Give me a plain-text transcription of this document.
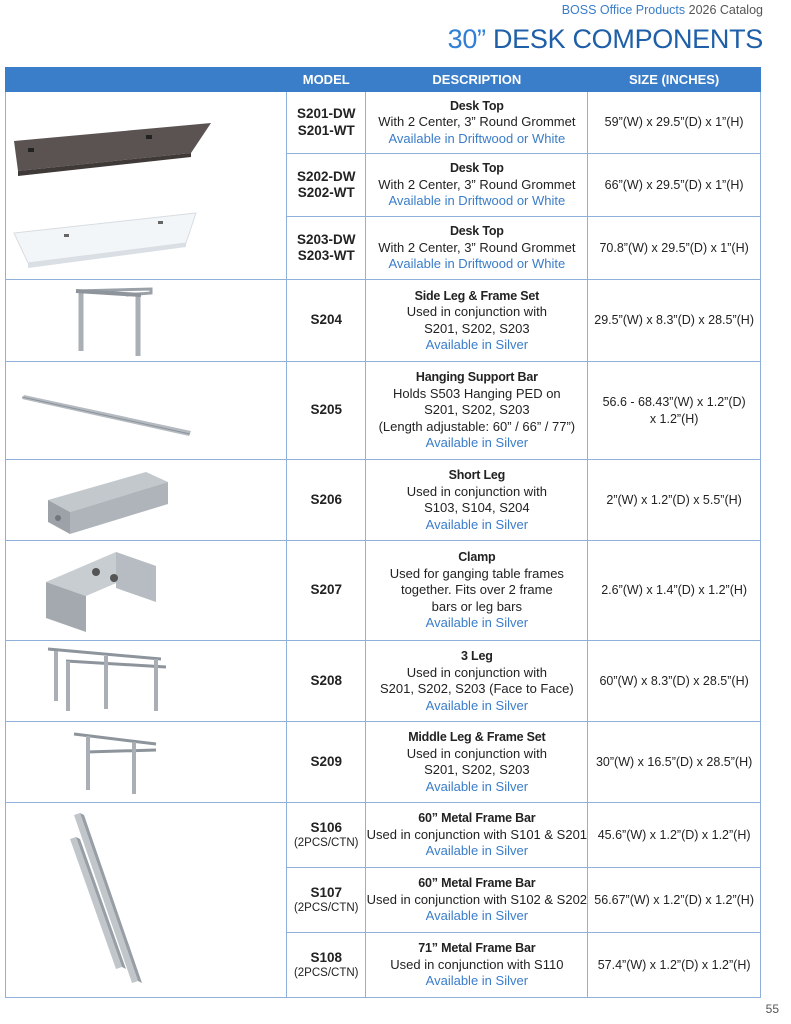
BOSS Office Products 2026 Catalog
30” DESK COMPONENTS
	MODEL	DESCRIPTION	SIZE (INCHES)

S201-DW
S201-WT	Desk Top
With 2 Center, 3” Round Grommet
Available in Driftwood or White	59”(W) x 29.5”(D) x 1”(H)

	S202-DW
S202-WT	Desk Top
With 2 Center, 3” Round Grommet
Available in Driftwood or White	66”(W) x 29.5”(D) x 1”(H)

	S203-DW
S203-WT	Desk Top
With 2 Center, 3” Round Grommet
Available in Driftwood or White	70.8”(W) x 29.5”(D) x 1”(H)

	S204	Side Leg & Frame Set
Used in conjunction with
S201, S202, S203
Available in Silver	29.5”(W) x 8.3”(D) x 28.5”(H)

	S205	Hanging Support Bar
Holds S503 Hanging PED on
S201, S202, S203
(Length adjustable: 60” / 66” / 77”)
Available in Silver	56.6 - 68.43”(W) x 1.2”(D)
x 1.2”(H)

	S206	Short Leg
Used in conjunction with
S103, S104, S204
Available in Silver	2”(W) x 1.2”(D) x 5.5”(H)

	S207	Clamp
Used for ganging table frames
together. Fits over 2 frame
bars or leg bars
Available in Silver	2.6”(W) x 1.4”(D) x 1.2”(H)

	S208	3 Leg
Used in conjunction with
S201, S202, S203 (Face to Face)
Available in Silver	60”(W) x 8.3”(D) x 28.5”(H)

	S209	Middle Leg & Frame Set
Used in conjunction with
S201, S202, S203
Available in Silver	30”(W) x 16.5”(D) x 28.5”(H)

S106
(2PCS/CTN)	60” Metal Frame Bar
Used in conjunction with S101 & S201
Available in Silver	45.6”(W) x 1.2”(D) x 1.2”(H)

	S107
(2PCS/CTN)	60” Metal Frame Bar
Used in conjunction with S102 & S202
Available in Silver	56.67”(W) x 1.2”(D) x 1.2”(H)

	S108
(2PCS/CTN)	71” Metal Frame Bar
Used in conjunction with S110
Available in Silver	57.4”(W) x 1.2”(D) x 1.2”(H)
55
